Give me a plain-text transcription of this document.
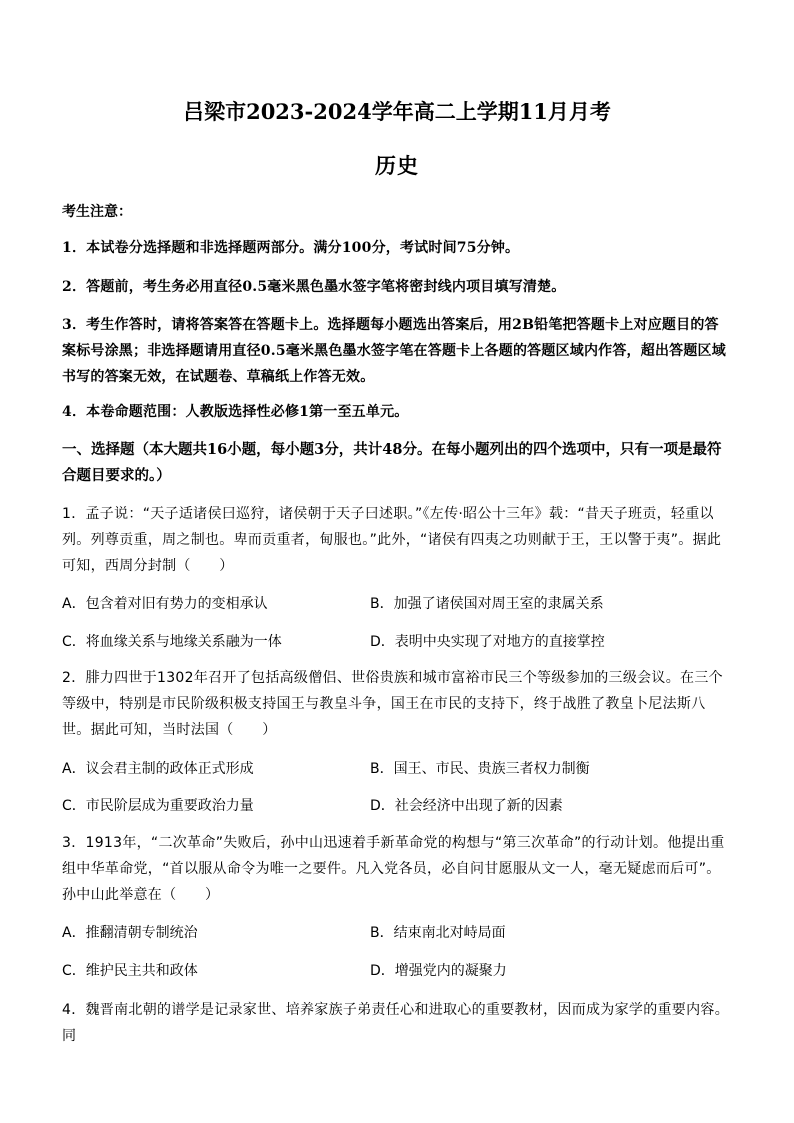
吕梁市2023-2024学年高二上学期11月月考
历史
考生注意：
1．本试卷分选择题和非选择题两部分。满分100分，考试时间75分钟。
2．答题前，考生务必用直径0.5毫米黑色墨水签字笔将密封线内项目填写清楚。
3．考生作答时，请将答案答在答题卡上。选择题每小题选出答案后，用2B铅笔把答题卡上对应题目的答案标号涂黑；非选择题请用直径0.5毫米黑色墨水签字笔在答题卡上各题的答题区域内作答，超出答题区域书写的答案无效，在试题卷、草稿纸上作答无效。
4．本卷命题范围：人教版选择性必修1第一至五单元。
一、选择题（本大题共16小题，每小题3分，共计48分。在每小题列出的四个选项中，只有一项是最符合题目要求的。）
1．孟子说：“天子适诸侯曰巡狩，诸侯朝于天子曰述职。”《左传·昭公十三年》载：“昔天子班贡，轻重以列。列尊贡重，周之制也。卑而贡重者，甸服也。”此外，“诸侯有四夷之功则献于王，王以警于夷”。据此可知，西周分封制（　　）
A．包含着对旧有势力的变相承认	B．加强了诸侯国对周王室的隶属关系
C．将血缘关系与地缘关系融为一体	D．表明中央实现了对地方的直接掌控
2．腓力四世于1302年召开了包括高级僧侣、世俗贵族和城市富裕市民三个等级参加的三级会议。在三个等级中，特别是市民阶级积极支持国王与教皇斗争，国王在市民的支持下，终于战胜了教皇卜尼法斯八世。据此可知，当时法国（　　）
A．议会君主制的政体正式形成	B．国王、市民、贵族三者权力制衡
C．市民阶层成为重要政治力量	D．社会经济中出现了新的因素
3．1913年，“二次革命”失败后，孙中山迅速着手新革命党的构想与“第三次革命”的行动计划。他提出重组中华革命党，“首以服从命令为唯一之要件。凡入党各员，必自问甘愿服从文一人，毫无疑虑而后可”。孙中山此举意在（　　）
A．推翻清朝专制统治	B．结束南北对峙局面
C．维护民主共和政体	D．增强党内的凝聚力
4．魏晋南北朝的谱学是记录家世、培养家族子弟责任心和进取心的重要教材，因而成为家学的重要内容。同
